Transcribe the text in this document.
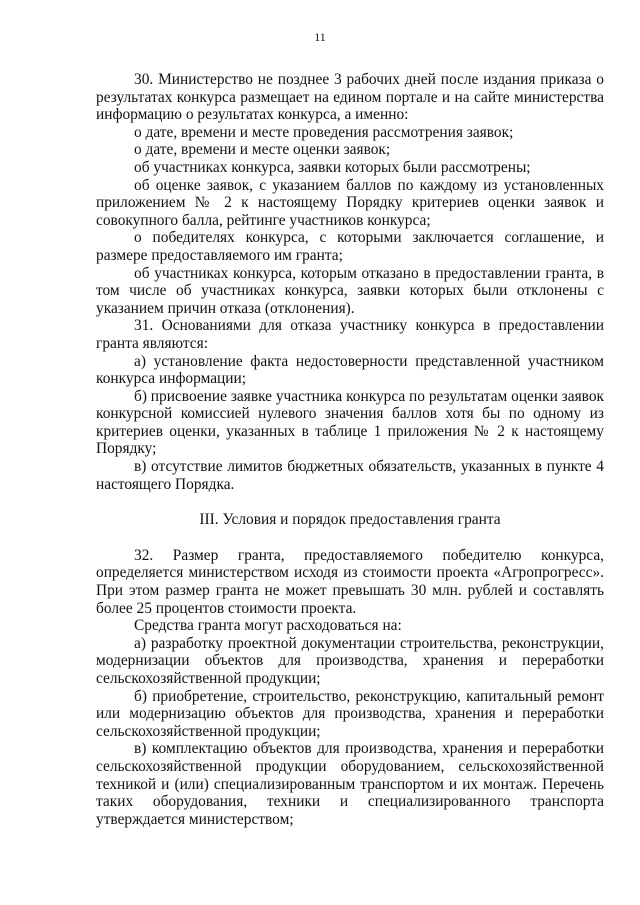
11

30. Министерство не позднее 3 рабочих дней после издания приказа о результатах конкурса размещает на едином портале и на сайте министерства информацию о результатах конкурса, а именно:

о дате, времени и месте проведения рассмотрения заявок;

о дате, времени и месте оценки заявок;

об участниках конкурса, заявки которых были рассмотрены;

об оценке заявок, с указанием баллов по каждому из установленных приложением № 2 к настоящему Порядку критериев оценки заявок и совокупного балла, рейтинге участников конкурса;

о победителях конкурса, с которыми заключается соглашение, и размере предоставляемого им гранта;

об участниках конкурса, которым отказано в предоставлении гранта, в том числе об участниках конкурса, заявки которых были отклонены с указанием причин отказа (отклонения).

31. Основаниями для отказа участнику конкурса в предоставлении гранта являются:

а) установление факта недостоверности представленной участником конкурса информации;

б) присвоение заявке участника конкурса по результатам оценки заявок конкурсной комиссией нулевого значения баллов хотя бы по одному из критериев оценки, указанных в таблице 1 приложения № 2 к настоящему Порядку;

в) отсутствие лимитов бюджетных обязательств, указанных в пункте 4 настоящего Порядка.

III. Условия и порядок предоставления гранта

32. Размер гранта, предоставляемого победителю конкурса, определяется министерством исходя из стоимости проекта «Агропрогресс». При этом размер гранта не может превышать 30 млн. рублей и составлять более 25 процентов стоимости проекта.

Средства гранта могут расходоваться на:

а) разработку проектной документации строительства, реконструкции, модернизации объектов для производства, хранения и переработки сельскохозяйственной продукции;

б) приобретение, строительство, реконструкцию, капитальный ремонт или модернизацию объектов для производства, хранения и переработки сельскохозяйственной продукции;

в) комплектацию объектов для производства, хранения и переработки сельскохозяйственной продукции оборудованием, сельскохозяйственной техникой и (или) специализированным транспортом и их монтаж. Перечень таких оборудования, техники и специализированного транспорта утверждается министерством;
